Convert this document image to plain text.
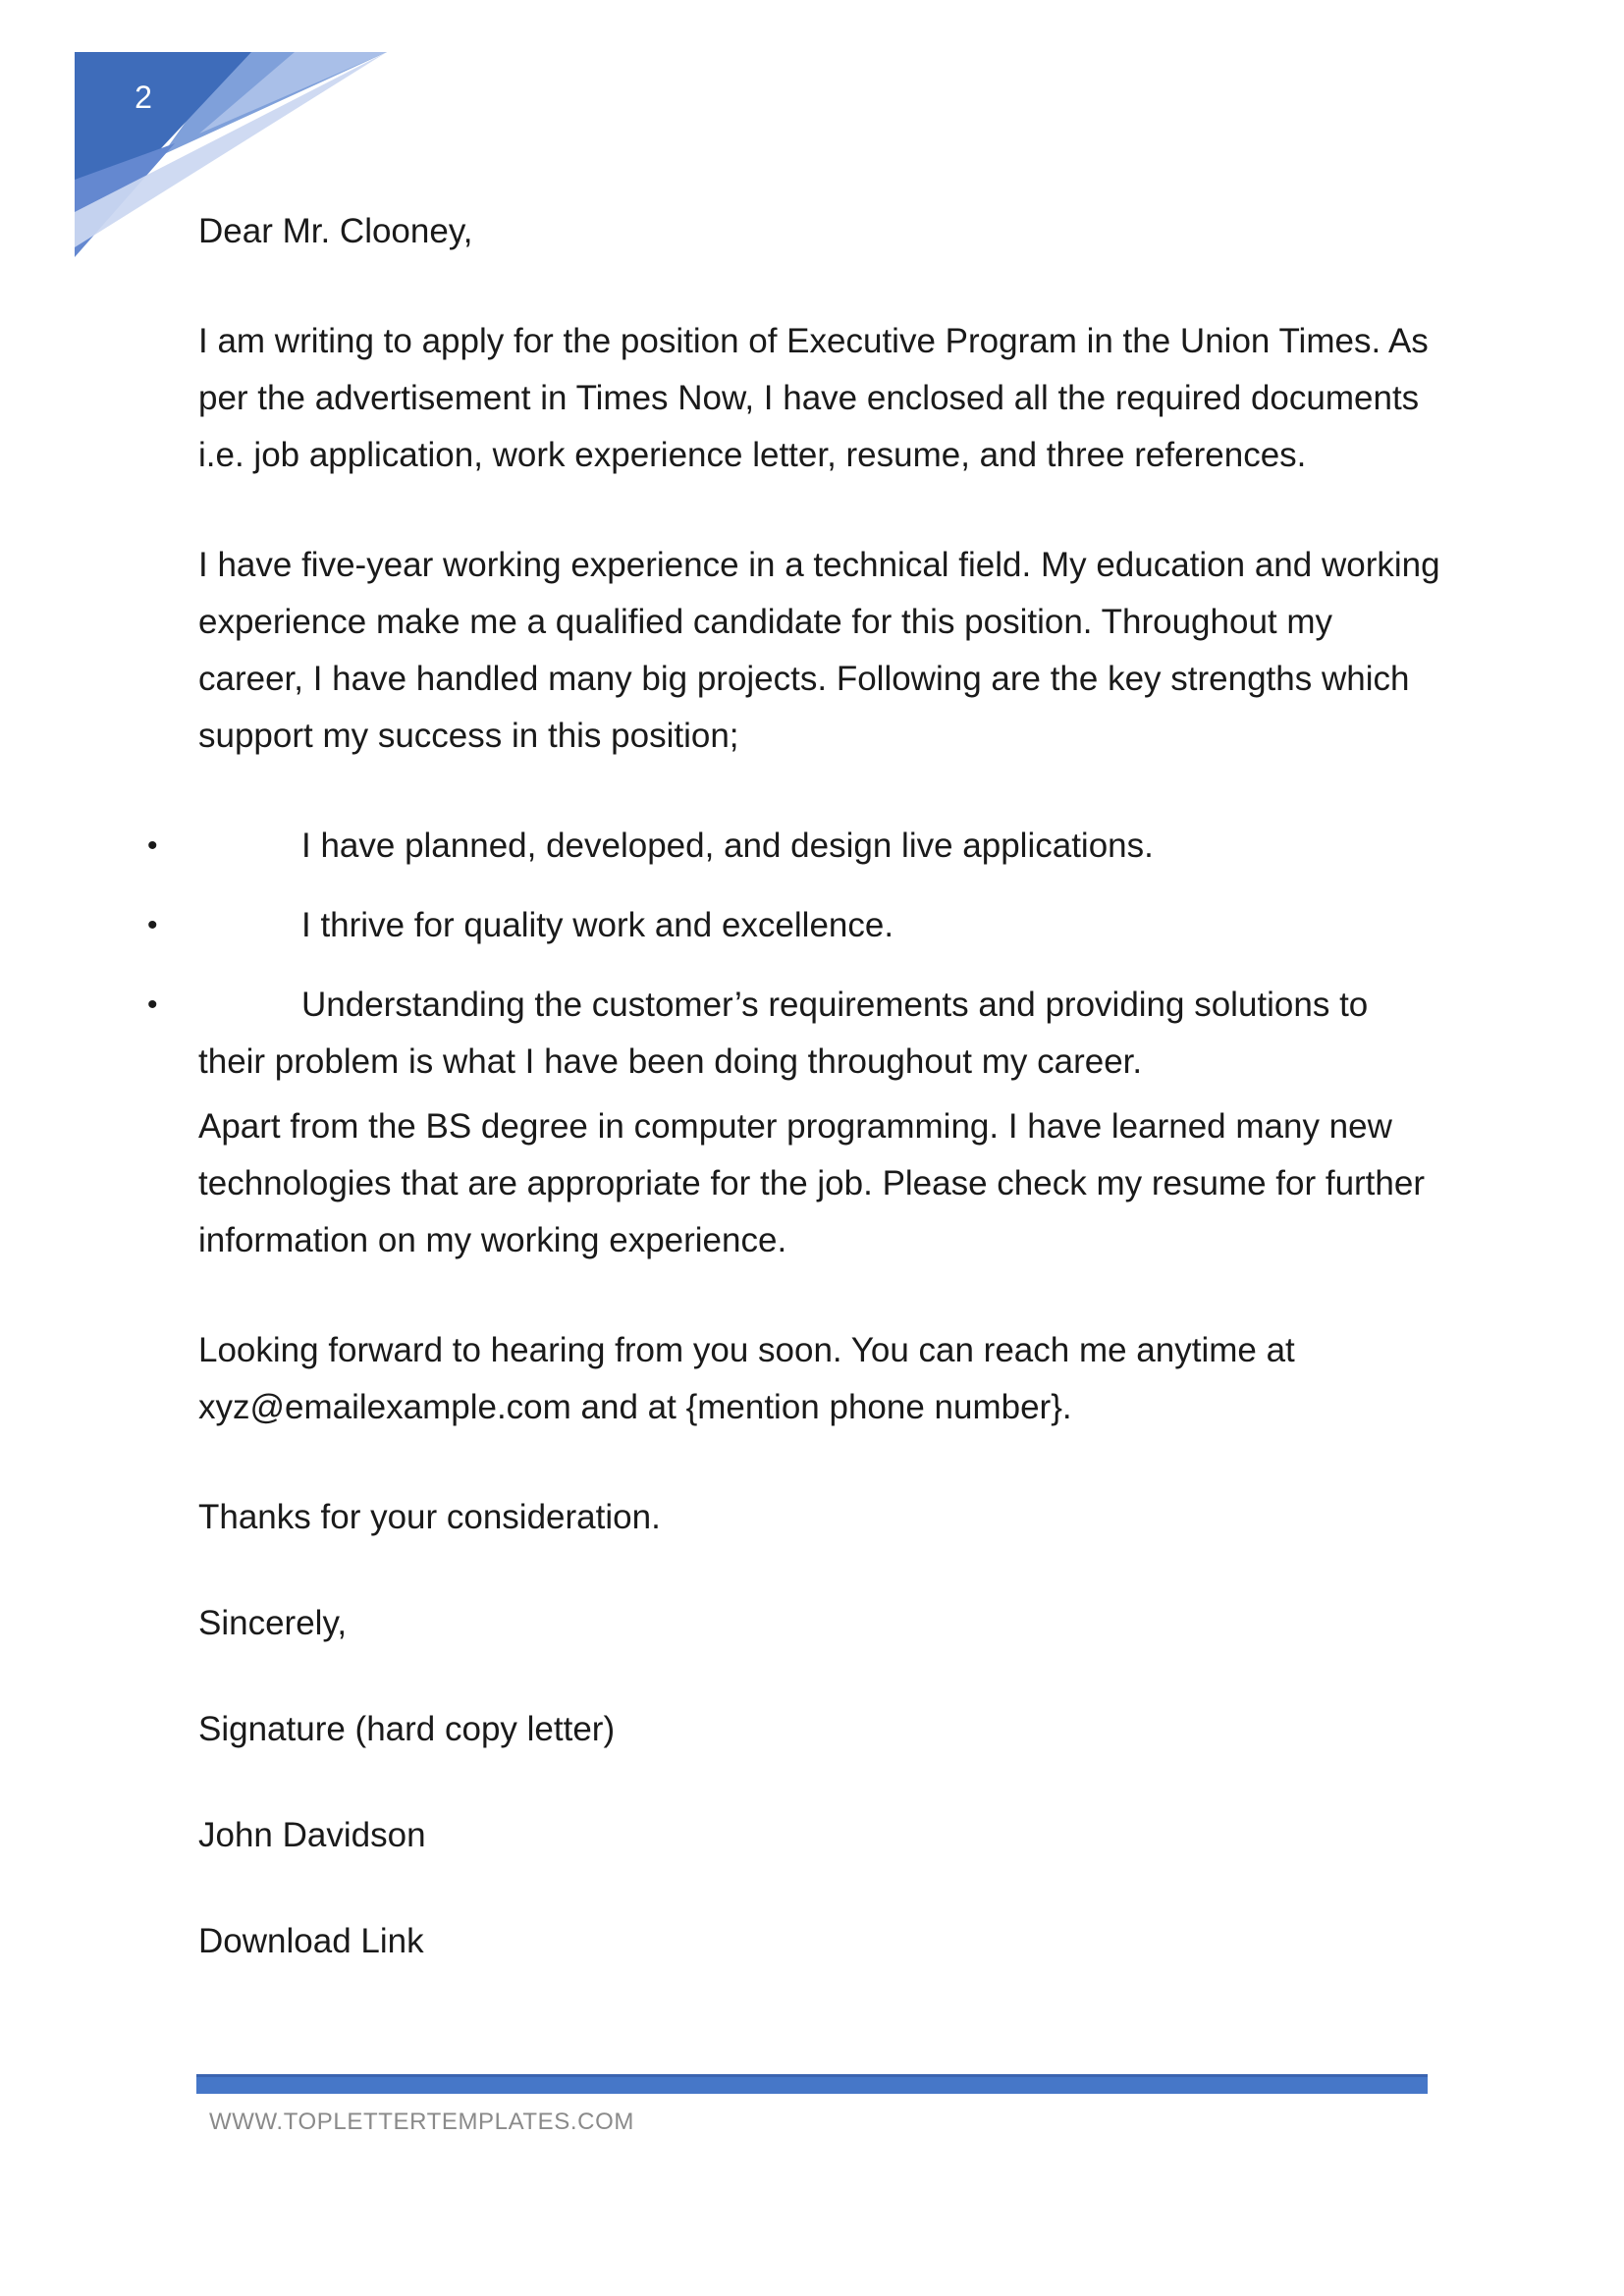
2

Dear Mr. Clooney,

I am writing to apply for the position of Executive Program in the Union Times. As per the advertisement in Times Now, I have enclosed all the required documents i.e. job application, work experience letter, resume, and three references.

I have five-year working experience in a technical field. My education and working experience make me a qualified candidate for this position. Throughout my career, I have handled many big projects. Following are the key strengths which support my success in this position;

•	I have planned, developed, and design live applications.
•	I thrive for quality work and excellence.
•	Understanding the customer’s requirements and providing solutions to their problem is what I have been doing throughout my career.

Apart from the BS degree in computer programming. I have learned many new technologies that are appropriate for the job. Please check my resume for further information on my working experience.

Looking forward to hearing from you soon. You can reach me anytime at xyz@emailexample.com and at {mention phone number}.

Thanks for your consideration.

Sincerely,

Signature (hard copy letter)

John Davidson

Download Link

WWW.TOPLETTERTEMPLATES.COM
